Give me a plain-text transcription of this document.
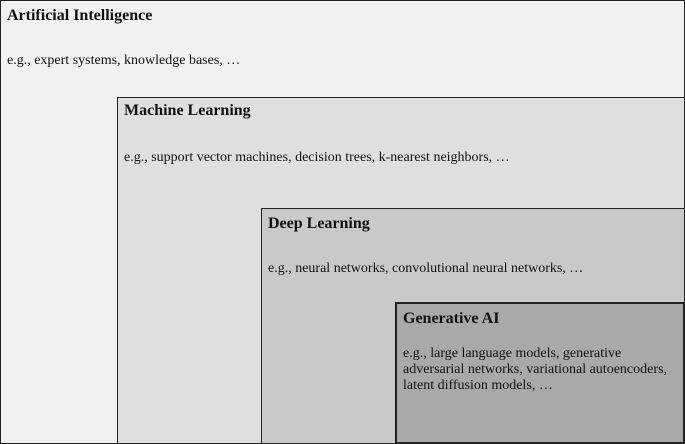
Artificial Intelligence
e.g., expert systems, knowledge bases, …
Machine Learning
e.g., support vector machines, decision trees, k-nearest neighbors, …
Deep Learning
e.g., neural networks, convolutional neural networks, …
Generative AI
e.g., large language models, generative adversarial networks, variational autoencoders, latent diffusion models, …
